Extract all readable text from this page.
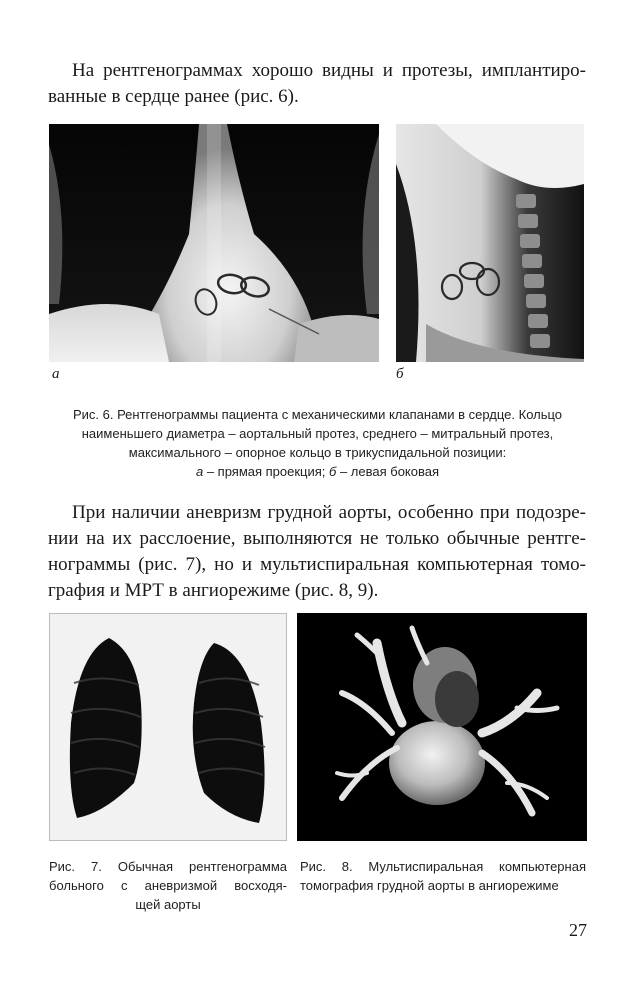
На рентгенограммах хорошо видны и протезы, имплантиро-
ванные в сердце ранее (рис. 6).
а	б
Рис. 6. Рентгенограммы пациента с механическими клапанами в сердце. Кольцо
наименьшего диаметра – аортальный протез, среднего – митральный протез,
максимального – опорное кольцо в трикуспидальной позиции:
а – прямая проекция; б – левая боковая
При наличии аневризм грудной аорты, особенно при подозре-
нии на их расслоение, выполняются не только обычные рентге-
нограммы (рис. 7), но и мультиспиральная компьютерная томо-
графия и МРТ в ангиорежиме (рис. 8, 9).
Рис. 7. Обычная рентгенограмма
больного с аневризмой восходя-
щей аорты
Рис. 8. Мультиспиральная компьютерная
томография грудной аорты в ангиорежиме
27
